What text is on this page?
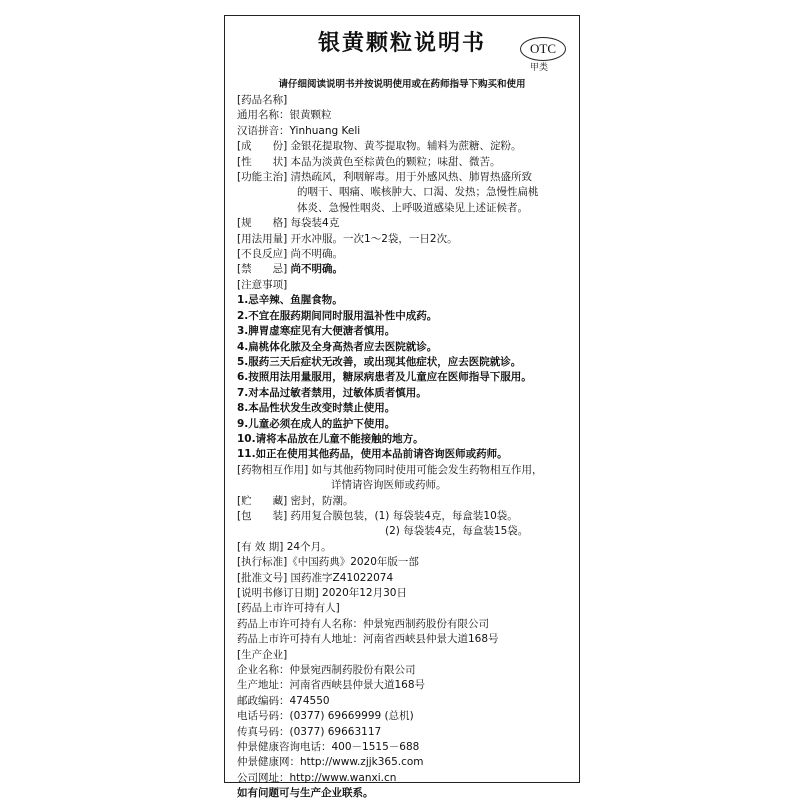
银黄颗粒说明书	OTC
甲类
请仔细阅读说明书并按说明使用或在药师指导下购买和使用
[药品名称]
通用名称：银黄颗粒
汉语拼音：Yinhuang Keli
[成　　份] 金银花提取物、黄芩提取物。辅料为蔗糖、淀粉。
[性　　状] 本品为淡黄色至棕黄色的颗粒；味甜、微苦。
[功能主治] 清热疏风，利咽解毒。用于外感风热、肺胃热盛所致
的咽干、咽痛、喉核肿大、口渴、发热；急慢性扁桃
体炎、急慢性咽炎、上呼吸道感染见上述证候者。
[规　　格] 每袋装4克
[用法用量] 开水冲服。一次1～2袋，一日2次。
[不良反应] 尚不明确。
[禁　　忌] 尚不明确。
[注意事项]
1.忌辛辣、鱼腥食物。
2.不宜在服药期间同时服用温补性中成药。
3.脾胃虚寒症见有大便溏者慎用。
4.扁桃体化脓及全身高热者应去医院就诊。
5.服药三天后症状无改善，或出现其他症状，应去医院就诊。
6.按照用法用量服用，糖尿病患者及儿童应在医师指导下服用。
7.对本品过敏者禁用，过敏体质者慎用。
8.本品性状发生改变时禁止使用。
9.儿童必须在成人的监护下使用。
10.请将本品放在儿童不能接触的地方。
11.如正在使用其他药品，使用本品前请咨询医师或药师。
[药物相互作用] 如与其他药物同时使用可能会发生药物相互作用，
详情请咨询医师或药师。
[贮　　藏] 密封，防潮。
[包　　装] 药用复合膜包装，(1) 每袋装4克，每盒装10袋。
(2) 每袋装4克，每盒装15袋。
[有 效 期] 24个月。
[执行标准]《中国药典》2020年版一部
[批准文号] 国药准字Z41022074
[说明书修订日期] 2020年12月30日
[药品上市许可持有人]
药品上市许可持有人名称：仲景宛西制药股份有限公司
药品上市许可持有人地址：河南省西峡县仲景大道168号
[生产企业]
企业名称：仲景宛西制药股份有限公司
生产地址：河南省西峡县仲景大道168号
邮政编码：474550
电话号码：(0377) 69669999 (总机)
传真号码：(0377) 69663117
仲景健康咨询电话：400－1515－688
仲景健康网：http://www.zjjk365.com
公司网址：http://www.wanxi.cn
如有问题可与生产企业联系。
